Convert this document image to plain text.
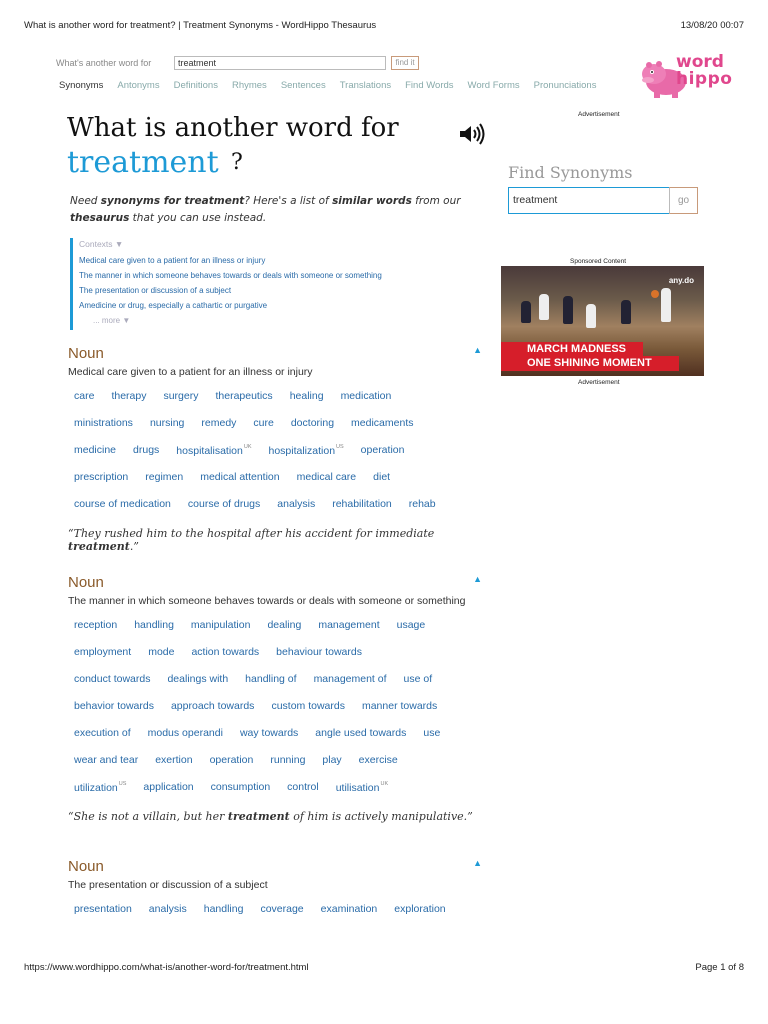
What is another word for treatment? | Treatment Synonyms - WordHippo Thesaurus	13/08/20 00:07
What's another word for	treatment	find it
Synonyms Antonyms Definitions Rhymes Sentences Translations Find Words Word Forms Pronunciations
word
hippo
Advertisement
What is another word for
treatment ?
Need synonyms for treatment? Here's a list of similar words from our thesaurus that you can use instead.
Contexts ▼
Medical care given to a patient for an illness or injury
The manner in which someone behaves towards or deals with someone or something
The presentation or discussion of a subject
Amedicine or drug, especially a cathartic or purgative
... more ▼
Noun	▲
Medical care given to a patient for an illness or injury
care therapy surgery therapeutics healing medication
ministrations nursing remedy cure doctoring medicaments
medicine drugs hospitalisation$^{UK}$ hospitalization$^{US}$ operation
prescription regimen medical attention medical care diet
course of medication course of drugs analysis rehabilitation rehab
“They rushed him to the hospital after his accident for immediate treatment.”
Noun	▲
The manner in which someone behaves towards or deals with someone or something
reception handling manipulation dealing management usage
employment mode action towards behaviour towards
conduct towards dealings with handling of management of use of
behavior towards approach towards custom towards manner towards
execution of modus operandi way towards angle used towards use
wear and tear exertion operation running play exercise
utilization$^{US}$ application consumption control utilisation$^{UK}$
“She is not a villain, but her treatment of him is actively manipulative.”
Noun	▲
The presentation or discussion of a subject
presentation analysis handling coverage examination exploration
Find Synonyms
treatment	go
Sponsored Content
any.do
MARCH MADNESS
ONE SHINING MOMENT
Advertisement
https://www.wordhippo.com/what-is/another-word-for/treatment.html	Page 1 of 8
